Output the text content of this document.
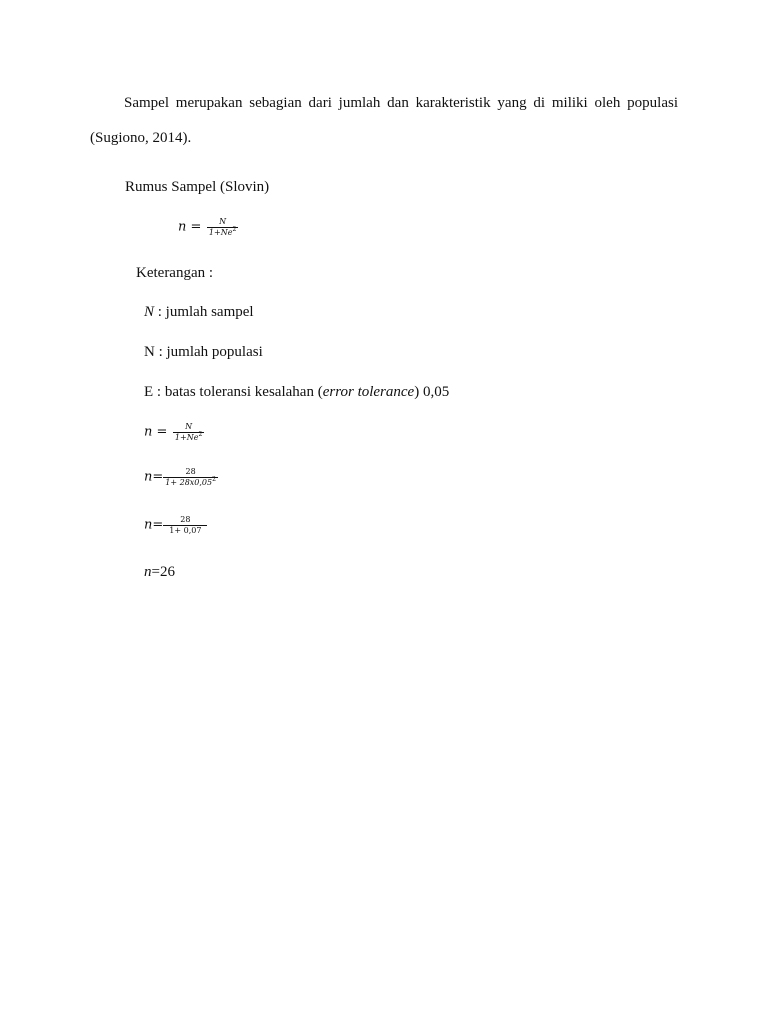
Sampel merupakan sebagian dari jumlah dan karakteristik yang di miliki oleh populasi
(Sugiono, 2014).
Rumus Sampel (Slovin)
$n = \frac{N}{1+Ne^2}$
Keterangan :
N : jumlah sampel
N : jumlah populasi
E : batas toleransi kesalahan (error tolerance) 0,05
$n = \frac{N}{1+Ne^2}$
$n= \frac{28}{1+ 28x0,05^2}$
$n= \frac{28}{1+ 0,07}$
n=26
